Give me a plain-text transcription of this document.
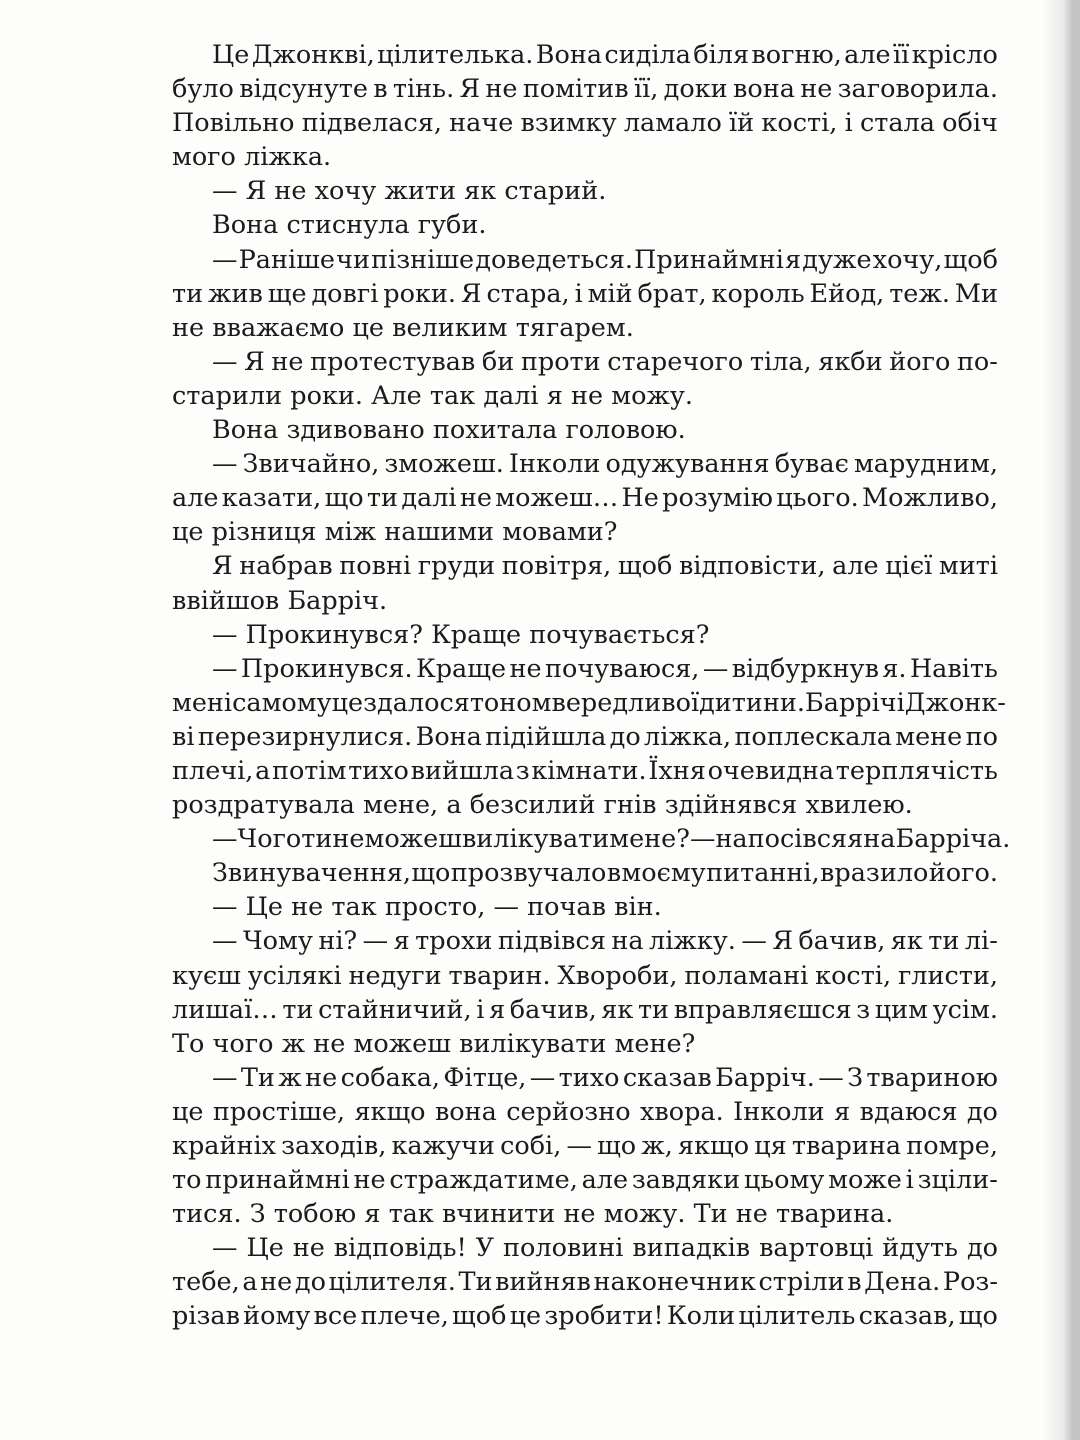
Це Джонкві, цілителька. Вона сиділа біля вогню, але її крісло
було відсунуте в тінь. Я не помітив її, доки вона не заговорила.
Повільно підвелася, наче взимку ламало їй кості, і стала обіч
мого ліжка.
— Я не хочу жити як старий.
Вона стиснула губи.
— Раніше чи пізніше доведеться. Принаймні я дуже хочу, щоб
ти жив ще довгі роки. Я стара, і мій брат, король Ейод, теж. Ми
не вважаємо це великим тягарем.
— Я не протестував би проти старечого тіла, якби його по-
старили роки. Але так далі я не можу.
Вона здивовано похитала головою.
— Звичайно, зможеш. Інколи одужування буває марудним,
але казати, що ти далі не можеш… Не розумію цього. Можливо,
це різниця між нашими мовами?
Я набрав повні груди повітря, щоб відповісти, але цієї миті
ввійшов Барріч.
— Прокинувся? Краще почувається?
— Прокинувся. Краще не почуваюся, — відбуркнув я. Навіть
мені самому це здалося тоном вередливої дитини. Барріч і Джонк-
ві перезирнулися. Вона підійшла до ліжка, поплескала мене по
плечі, а потім тихо вийшла з кімнати. Їхня очевидна терплячість
роздратувала мене, а безсилий гнів здійнявся хвилею.
— Чого ти не можеш вилікувати мене? — напосівся я на Барріча.
Звинувачення, що прозвучало в моєму питанні, вразило його.
— Це не так просто, — почав він.
— Чому ні? — я трохи підвівся на ліжку. — Я бачив, як ти лі-
куєш усілякі недуги тварин. Хвороби, поламані кості, глисти,
лишаї… ти стайничий, і я бачив, як ти вправляєшся з цим усім.
То чого ж не можеш вилікувати мене?
— Ти ж не собака, Фітце, — тихо сказав Барріч. — З твариною
це простіше, якщо вона серйозно хвора. Інколи я вдаюся до
крайніх заходів, кажучи собі, — що ж, якщо ця тварина помре,
то принаймні не страждатиме, але завдяки цьому може і зціли-
тися. З тобою я так вчинити не можу. Ти не тварина.
— Це не відповідь! У половині випадків вартовці йдуть до
тебе, а не до цілителя. Ти вийняв наконечник стріли в Дена. Роз-
різав йому все плече, щоб це зробити! Коли цілитель сказав, що
